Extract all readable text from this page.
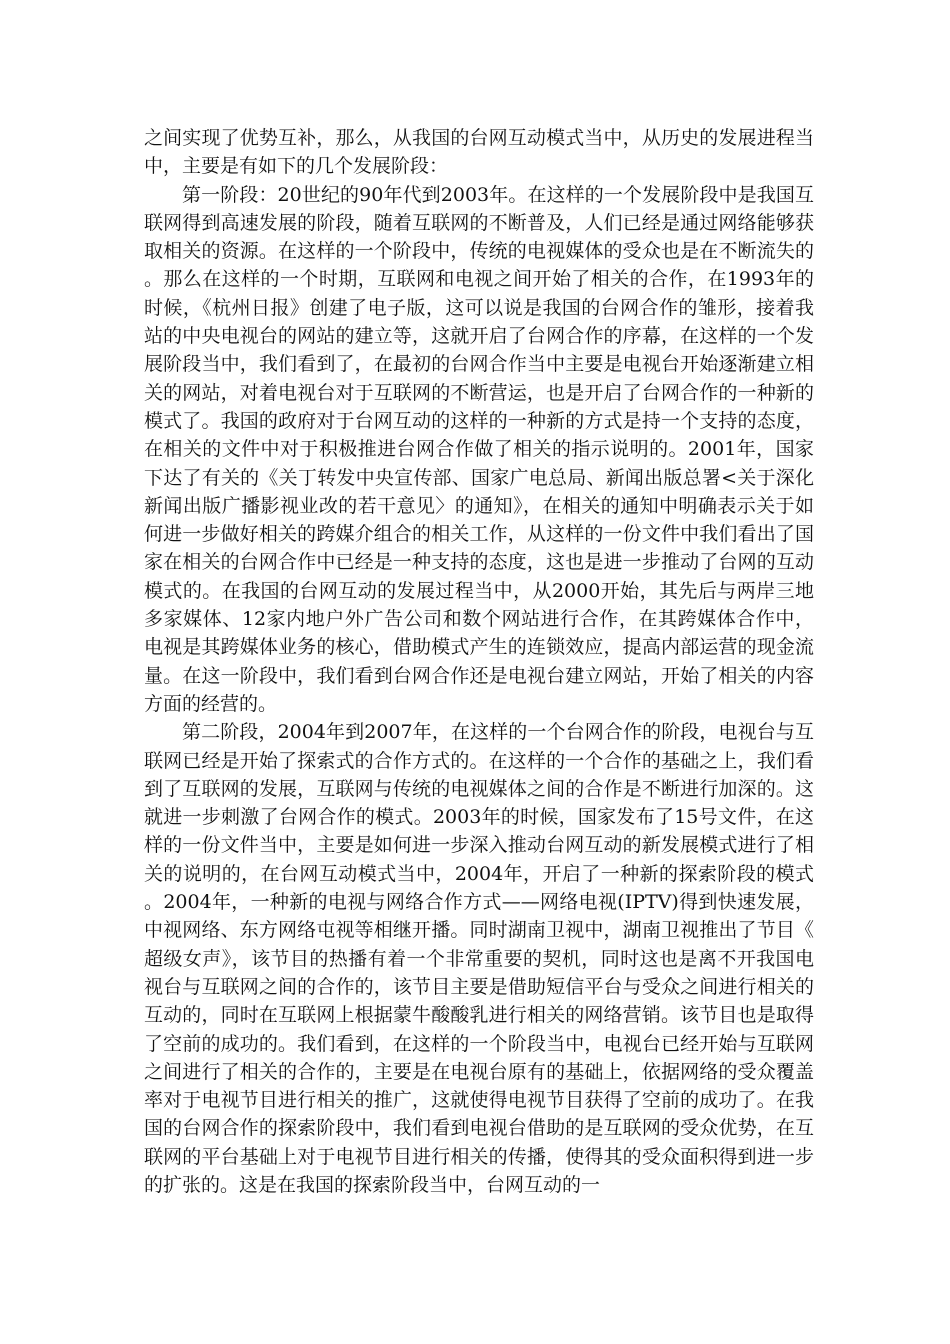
之间实现了优势互补，那么，从我国的台网互动模式当中，从历史的发展进程当中，主要是有如下的几个发展阶段：

第一阶段：20世纪的90年代到2003年。在这样的一个发展阶段中是我国互联网得到高速发展的阶段，随着互联网的不断普及，人们已经是通过网络能够获取相关的资源。在这样的一个阶段中，传统的电视媒体的受众也是在不断流失的。那么在这样的一个时期，互联网和电视之间开始了相关的合作，在1993年的时候，《杭州日报》创建了电子版，这可以说是我国的台网合作的雏形，接着我站的中央电视台的网站的建立等，这就开启了台网合作的序幕，在这样的一个发展阶段当中，我们看到了，在最初的台网合作当中主要是电视台开始逐渐建立相关的网站，对着电视台对于互联网的不断营运，也是开启了台网合作的一种新的模式了。我国的政府对于台网互动的这样的一种新的方式是持一个支持的态度，在相关的文件中对于积极推进台网合作做了相关的指示说明的。2001年，国家下达了有关的《关丁转发中央宣传部、国家广电总局、新闻出版总署<关于深化新闻出版广播影视业改的若干意见〉的通知》，在相关的通知中明确表示关于如何进一步做好相关的跨媒介组合的相关工作，从这样的一份文件中我们看出了国家在相关的台网合作中已经是一种支持的态度，这也是进一步推动了台网的互动模式的。在我国的台网互动的发展过程当中，从2000开始，其先后与两岸三地多家媒体、12家内地户外广告公司和数个网站进行合作，在其跨媒体合作中，电视是其跨媒体业务的核心，借助模式产生的连锁效应，提高内部运营的现金流量。在这一阶段中，我们看到台网合作还是电视台建立网站，开始了相关的内容方面的经营的。

第二阶段，2004年到2007年，在这样的一个台网合作的阶段，电视台与互联网已经是开始了探索式的合作方式的。在这样的一个合作的基础之上，我们看到了互联网的发展，互联网与传统的电视媒体之间的合作是不断进行加深的。这就进一步刺激了台网合作的模式。2003年的时候，国家发布了15号文件，在这样的一份文件当中，主要是如何进一步深入推动台网互动的新发展模式进行了相关的说明的，在台网互动模式当中，2004年，开启了一种新的探索阶段的模式。2004年，一种新的电视与网络合作方式——网络电视(IPTV)得到快速发展，中视网络、东方网络屯视等相继开播。同时湖南卫视中，湖南卫视推出了节目《超级女声》，该节目的热播有着一个非常重要的契机，同时这也是离不开我国电视台与互联网之间的合作的，该节目主要是借助短信平台与受众之间进行相关的互动的，同时在互联网上根据蒙牛酸酸乳进行相关的网络营销。该节目也是取得了空前的成功的。我们看到，在这样的一个阶段当中，电视台已经开始与互联网之间进行了相关的合作的，主要是在电视台原有的基础上，依据网络的受众覆盖率对于电视节目进行相关的推广，这就使得电视节目获得了空前的成功了。在我国的台网合作的探索阶段中，我们看到电视台借助的是互联网的受众优势，在互联网的平台基础上对于电视节目进行相关的传播，使得其的受众面积得到进一步的扩张的。这是在我国的探索阶段当中，台网互动的一
